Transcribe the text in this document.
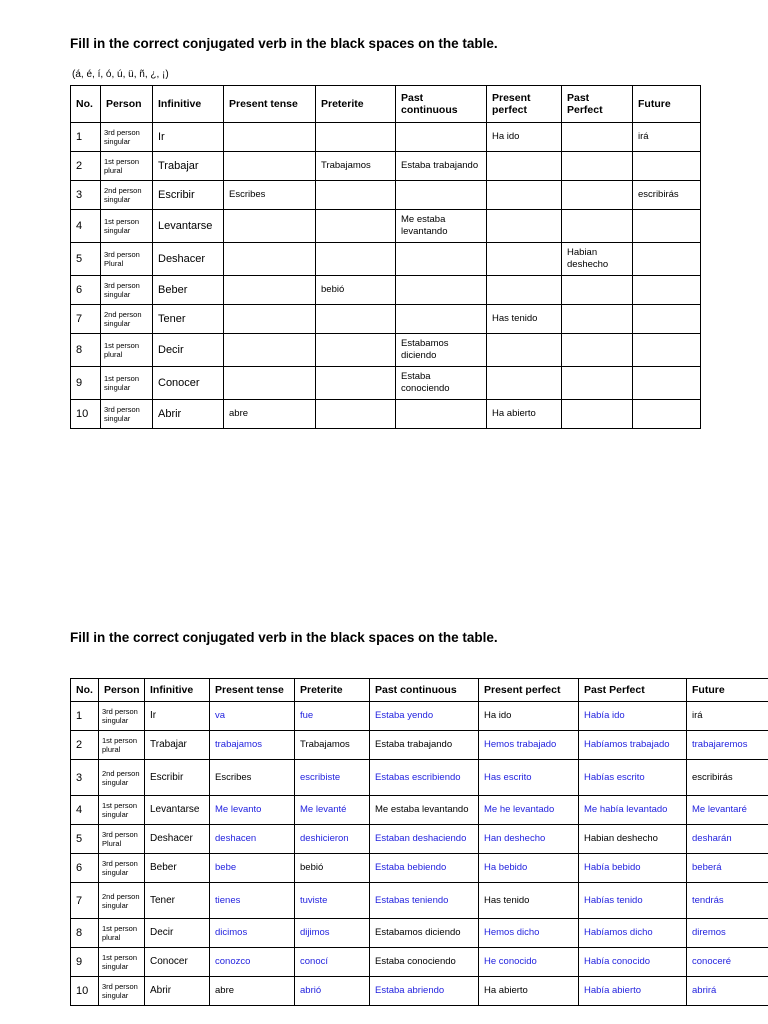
Fill in the correct conjugated verb in the black spaces on the table.
(á, é, í, ó, ú, ü, ñ, ¿, ¡)
No.	Person	Infinitive	Present tense	Preterite	Past continuous	Present perfect	Past Perfect	Future
1	3rd person singular	Ir				Ha ido		irá
2	1st person plural	Trabajar		Trabajamos	Estaba trabajando			
3	2nd person singular	Escribir	Escribes					escribirás
4	1st person singular	Levantarse			Me estaba levantando			
5	3rd person Plural	Deshacer					Habian deshecho	
6	3rd person singular	Beber		bebió				
7	2nd person singular	Tener				Has tenido		
8	1st person plural	Decir			Estabamos diciendo			
9	1st person singular	Conocer			Estaba conociendo			
10	3rd person singular	Abrir	abre			Ha abierto		
Fill in the correct conjugated verb in the black spaces on the table.
No.	Person	Infinitive	Present tense	Preterite	Past continuous	Present perfect	Past Perfect	Future
1	3rd person singular	Ir	va	fue	Estaba yendo	Ha ido	Había ido	irá
2	1st person plural	Trabajar	trabajamos	Trabajamos	Estaba trabajando	Hemos trabajado	Habíamos trabajado	trabajaremos
3	2nd person singular	Escribir	Escribes	escribiste	Estabas escribiendo	Has escrito	Habías escrito	escribirás
4	1st person singular	Levantarse	Me levanto	Me levanté	Me estaba levantando	Me he levantado	Me había levantado	Me levantaré
5	3rd person Plural	Deshacer	deshacen	deshicieron	Estaban deshaciendo	Han deshecho	Habian deshecho	desharán
6	3rd person singular	Beber	bebe	bebió	Estaba bebiendo	Ha bebido	Había bebido	beberá
7	2nd person singular	Tener	tienes	tuviste	Estabas teniendo	Has tenido	Habías tenido	tendrás
8	1st person plural	Decir	dicimos	dijimos	Estabamos diciendo	Hemos dicho	Habíamos dicho	diremos
9	1st person singular	Conocer	conozco	conocí	Estaba conociendo	He conocido	Había conocido	conoceré
10	3rd person singular	Abrir	abre	abrió	Estaba abriendo	Ha abierto	Había abierto	abrirá
